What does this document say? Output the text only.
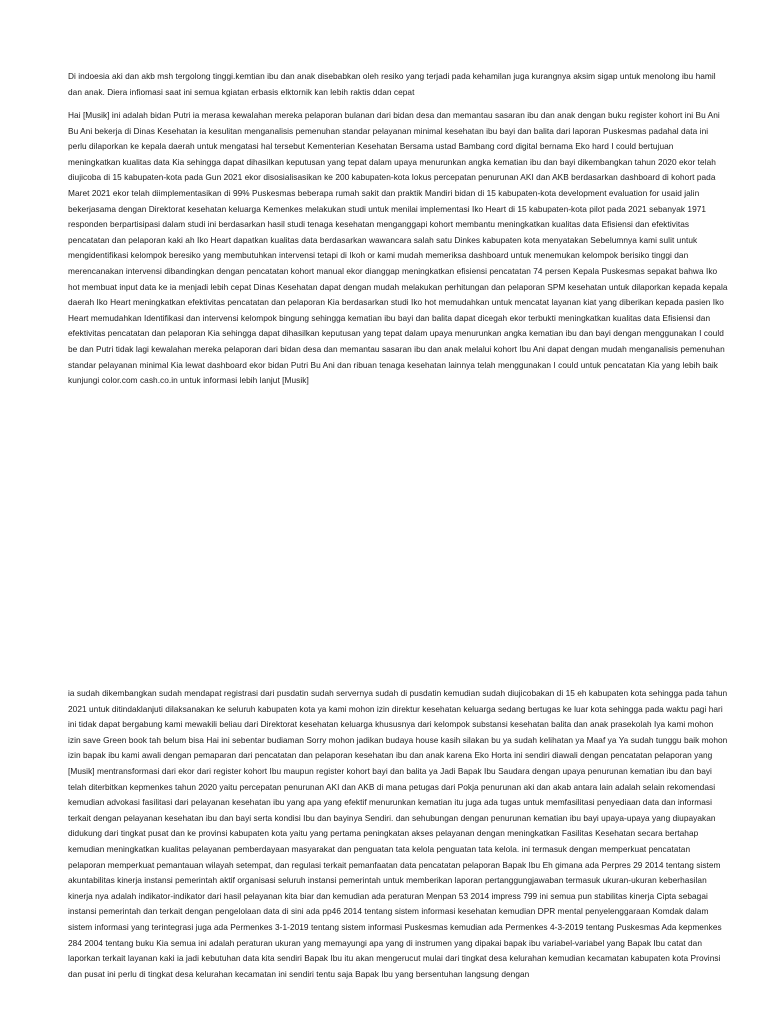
Di indoesia aki dan akb msh tergolong tinggi.kemtian ibu dan anak disebabkan oleh resiko yang terjadi pada kehamilan juga kurangnya aksim sigap untuk menolong ibu hamil dan anak. Diera infiomasi saat ini semua kgiatan erbasis elktornik kan lebih raktis ddan cepat

Hai [Musik] ini adalah bidan Putri ia merasa kewalahan mereka pelaporan bulanan dari bidan desa dan memantau sasaran ibu dan anak dengan buku register kohort ini Bu Ani Bu Ani bekerja di Dinas Kesehatan ia kesulitan menganalisis pemenuhan standar pelayanan minimal kesehatan ibu bayi dan balita dari laporan Puskesmas padahal data ini perlu dilaporkan ke kepala daerah untuk mengatasi hal tersebut Kementerian Kesehatan Bersama ustad Bambang cord digital bernama Eko hard I could bertujuan meningkatkan kualitas data Kia sehingga dapat dihasilkan keputusan yang tepat dalam upaya menurunkan angka kematian ibu dan bayi dikembangkan tahun 2020 ekor telah diujicoba di 15 kabupaten-kota pada Gun 2021 ekor disosialisasikan ke 200 kabupaten-kota lokus percepatan penurunan AKI dan AKB berdasarkan dashboard di kohort pada Maret 2021 ekor telah diimplementasikan di 99% Puskesmas beberapa rumah sakit dan praktik Mandiri bidan di 15 kabupaten-kota development evaluation for usaid jalin bekerjasama dengan Direktorat kesehatan keluarga Kemenkes melakukan studi untuk menilai implementasi Iko Heart di 15 kabupaten-kota pilot pada 2021 sebanyak 1971 responden berpartisipasi dalam studi ini berdasarkan hasil studi tenaga kesehatan menganggapi kohort membantu meningkatkan kualitas data Efisiensi dan efektivitas pencatatan dan pelaporan kaki ah Iko Heart dapatkan kualitas data berdasarkan wawancara salah satu Dinkes kabupaten kota menyatakan Sebelumnya kami sulit untuk mengidentifikasi kelompok beresiko yang membutuhkan intervensi tetapi di Ikoh or kami mudah memeriksa dashboard untuk menemukan kelompok berisiko tinggi dan merencanakan intervensi dibandingkan dengan pencatatan kohort manual ekor dianggap meningkatkan efisiensi pencatatan 74 persen Kepala Puskesmas sepakat bahwa Iko hot membuat input data ke ia menjadi lebih cepat Dinas Kesehatan dapat dengan mudah melakukan perhitungan dan pelaporan SPM kesehatan untuk dilaporkan kepada kepala daerah Iko Heart meningkatkan efektivitas pencatatan dan pelaporan Kia berdasarkan studi Iko hot memudahkan untuk mencatat layanan kiat yang diberikan kepada pasien Iko Heart memudahkan Identifikasi dan intervensi kelompok bingung sehingga kematian ibu bayi dan balita dapat dicegah ekor terbukti meningkatkan kualitas data Efisiensi dan efektivitas pencatatan dan pelaporan Kia sehingga dapat dihasilkan keputusan yang tepat dalam upaya menurunkan angka kematian ibu dan bayi dengan menggunakan I could be dan Putri tidak lagi kewalahan mereka pelaporan dari bidan desa dan memantau sasaran ibu dan anak melalui kohort Ibu Ani dapat dengan mudah menganalisis pemenuhan standar pelayanan minimal Kia lewat dashboard ekor bidan Putri Bu Ani dan ribuan tenaga kesehatan lainnya telah menggunakan I could untuk pencatatan Kia yang lebih baik kunjungi color.com cash.co.in untuk informasi lebih lanjut [Musik]

ia sudah dikembangkan sudah mendapat registrasi dari pusdatin sudah servernya sudah di pusdatin kemudian sudah diujicobakan di 15 eh kabupaten kota sehingga pada tahun 2021 untuk ditindaklanjuti dilaksanakan ke seluruh kabupaten kota ya kami mohon izin direktur kesehatan keluarga sedang bertugas ke luar kota sehingga pada waktu pagi hari ini tidak dapat bergabung kami mewakili beliau dari Direktorat kesehatan keluarga khususnya dari kelompok substansi kesehatan balita dan anak prasekolah Iya kami mohon izin save Green book tah belum bisa Hai ini sebentar budiaman Sorry mohon jadikan budaya house kasih silakan bu ya sudah kelihatan ya Maaf ya Ya sudah tunggu baik mohon izin bapak ibu kami awali dengan pemaparan dari pencatatan dan pelaporan kesehatan ibu dan anak karena Eko Horta ini sendiri diawali dengan pencatatan pelaporan yang [Musik] mentransformasi dari ekor dari register kohort Ibu maupun register kohort bayi dan balita ya Jadi Bapak Ibu Saudara dengan upaya penurunan kematian ibu dan bayi telah diterbitkan kepmenkes tahun 2020 yaitu percepatan penurunan AKI dan AKB di mana petugas dari Pokja penurunan aki dan akab antara lain adalah selain rekomendasi kemudian advokasi fasilitasi dari pelayanan kesehatan ibu yang apa yang efektif menurunkan kematian itu juga ada tugas untuk memfasilitasi penyediaan data dan informasi terkait dengan pelayanan kesehatan ibu dan bayi serta kondisi Ibu dan bayinya Sendiri. dan sehubungan dengan penurunan kematian ibu bayi upaya-upaya yang diupayakan didukung dari tingkat pusat dan ke provinsi kabupaten kota yaitu yang pertama peningkatan akses pelayanan dengan meningkatkan Fasilitas Kesehatan secara bertahap kemudian meningkatkan kualitas pelayanan pemberdayaan masyarakat dan penguatan tata kelola penguatan tata kelola. ini termasuk dengan memperkuat pencatatan pelaporan memperkuat pemantauan wilayah setempat, dan regulasi terkait pemanfaatan data pencatatan pelaporan Bapak Ibu Eh gimana ada Perpres 29 2014 tentang sistem akuntabilitas kinerja instansi pemerintah aktif organisasi seluruh instansi pemerintah untuk memberikan laporan pertanggungjawaban termasuk ukuran-ukuran keberhasilan kinerja nya adalah indikator-indikator dari hasil pelayanan kita biar dan kemudian ada peraturan Menpan 53 2014 impress 799 ini semua pun stabilitas kinerja Cipta sebagai instansi pemerintah dan terkait dengan pengelolaan data di sini ada pp46 2014 tentang sistem informasi kesehatan kemudian DPR mental penyelenggaraan Komdak dalam sistem informasi yang terintegrasi juga ada Permenkes 3-1-2019 tentang sistem informasi Puskesmas kemudian ada Permenkes 4-3-2019 tentang Puskesmas Ada kepmenkes 284 2004 tentang buku Kia semua ini adalah peraturan ukuran yang memayungi apa yang di instrumen yang dipakai bapak ibu variabel-variabel yang Bapak Ibu catat dan laporkan terkait layanan kaki ia jadi kebutuhan data kita sendiri Bapak Ibu itu akan mengerucut mulai dari tingkat desa kelurahan kemudian kecamatan kabupaten kota Provinsi dan pusat ini perlu di tingkat desa kelurahan kecamatan ini sendiri tentu saja Bapak Ibu yang bersentuhan langsung dengan
